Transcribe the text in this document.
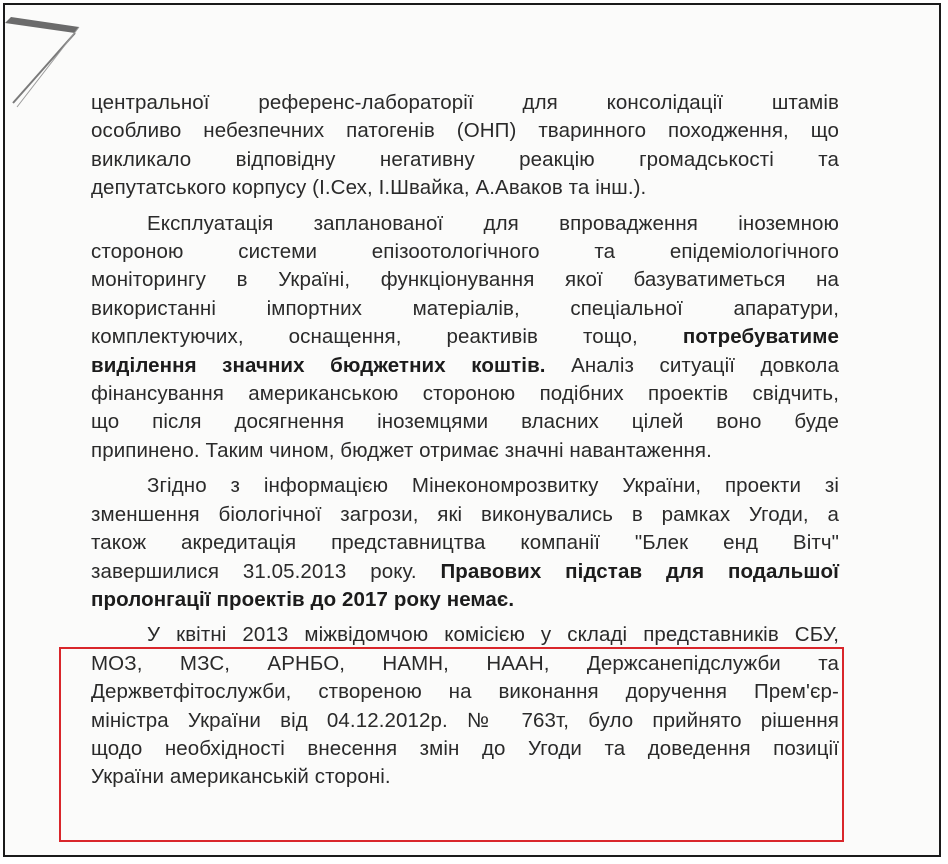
центральної референс-лабораторії для консолідації штамів
особливо небезпечних патогенів (ОНП) тваринного походження, що
викликало відповідну негативну реакцію громадськості та
депутатського корпусу (І.Сех, І.Швайка, А.Аваков та інш.).
Експлуатація запланованої для впровадження іноземною
стороною системи епізоотологічного та епідеміологічного
моніторингу в Україні, функціонування якої базуватиметься на
використанні імпортних матеріалів, спеціальної апаратури,
комплектуючих, оснащення, реактивів тощо, потребуватиме
виділення значних бюджетних коштів. Аналіз ситуації довкола
фінансування американською стороною подібних проектів свідчить,
що після досягнення іноземцями власних цілей воно буде
припинено. Таким чином, бюджет отримає значні навантаження.
Згідно з інформацією Мінекономрозвитку України, проекти зі
зменшення біологічної загрози, які виконувались в рамках Угоди, а
також акредитація представництва компанії "Блек енд Вітч"
завершилися 31.05.2013 року. Правових підстав для подальшої
пролонгації проектів до 2017 року немає.
У квітні 2013 міжвідомчою комісією у складі представників СБУ,
МОЗ, МЗС, АРНБО, НАМН, НААН, Держсанепідслужби та
Держветфітослужби, створеною на виконання доручення Прем'єр-
міністра України від 04.12.2012р. № 763т, було прийнято рішення
щодо необхідності внесення змін до Угоди та доведення позиції
України американській стороні.
